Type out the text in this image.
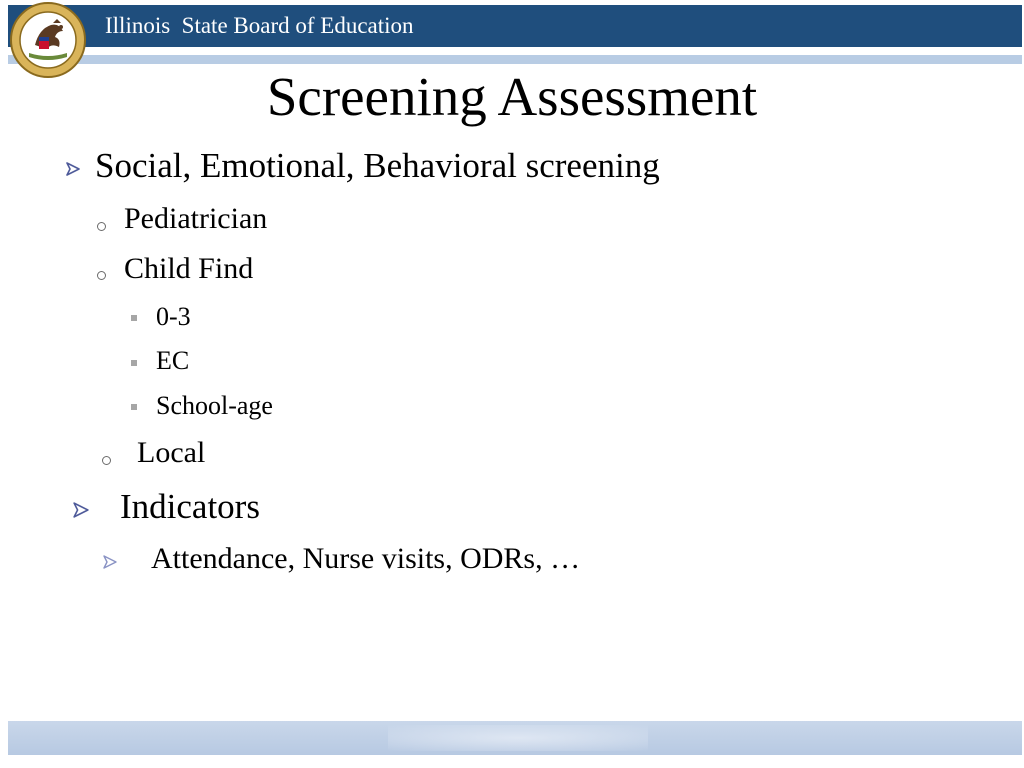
Illinois  State Board of Education
Screening Assessment
Social, Emotional, Behavioral screening
Pediatrician
Child Find
0-3
EC
School-age
Local
Indicators
Attendance, Nurse visits, ODRs, …
